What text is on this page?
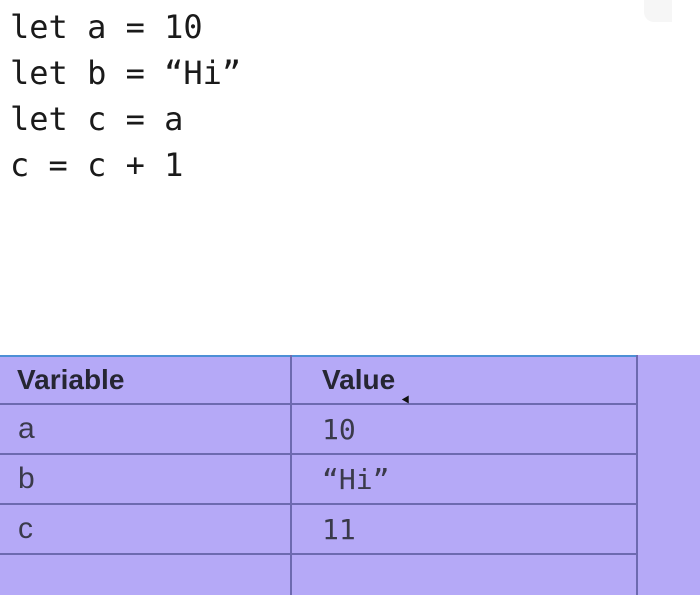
let a = 10
let b = “Hi”
let c = a
c = c + 1
Variable	Value
a	10
b	“Hi”
c	11
